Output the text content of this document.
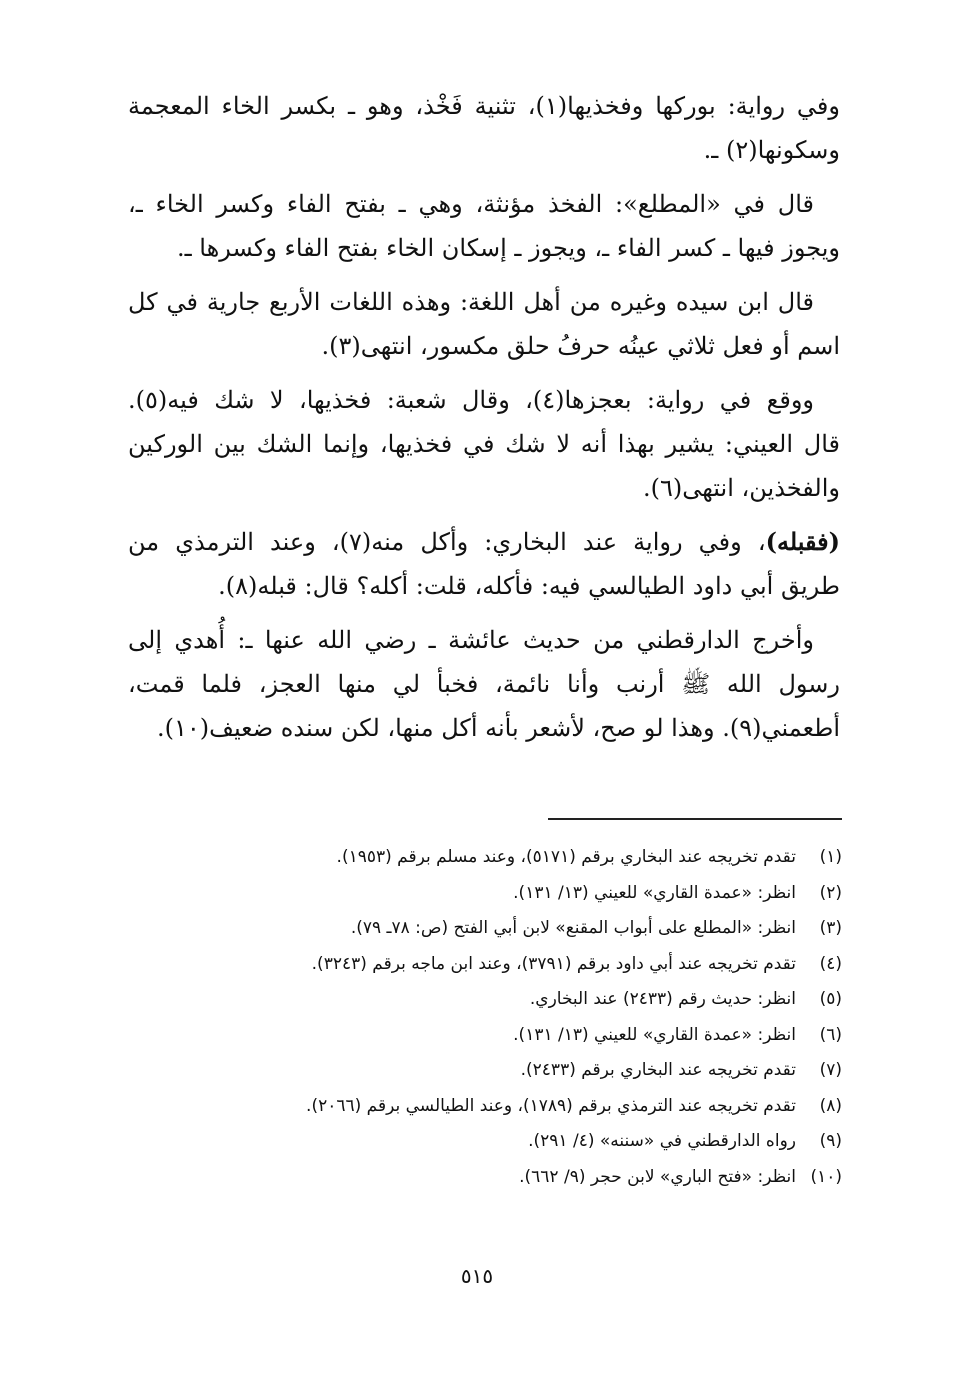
وفي رواية: بوركها وفخذيها(١)، تثنية فَخْذ، وهو ـ بكسر الخاء المعجمة
وسكونها(٢) ـ.

قال في «المطلع»: الفخذ مؤنثة، وهي ـ بفتح الفاء وكسر الخاء ـ،
ويجوز فيها ـ كسر الفاء ـ، ويجوز ـ إسكان الخاء بفتح الفاء وكسرها ـ.

قال ابن سيده وغيره من أهل اللغة: وهذه اللغات الأربع جارية في كل
اسم أو فعل ثلاثي عينُه حرفُ حلق مكسور، انتهى(٣).

ووقع في رواية: بعجزها(٤)، وقال شعبة: فخذيها، لا شك فيه(٥).
قال العيني: يشير بهذا أنه لا شك في فخذيها، وإنما الشك بين الوركين
والفخذين، انتهى(٦).

(فقبله)، وفي رواية عند البخاري: وأكل منه(٧)، وعند الترمذي من
طريق أبي داود الطيالسي فيه: فأكله، قلت: أكله؟ قال: قبله(٨).

وأخرج الدارقطني من حديث عائشة ـ رضي الله عنها ـ: أُهدي إلى
رسول الله ﷺ أرنب وأنا نائمة، فخبأ لي منها العجز، فلما قمت،
أطعمني(٩). وهذا لو صح، لأشعر بأنه أكل منها، لكن سنده ضعيف(١٠).

(١)تقدم تخريجه عند البخاري برقم (٥١٧١)، وعند مسلم برقم (١٩٥٣).
(٢)انظر: «عمدة القاري» للعيني (١٣/ ١٣١).
(٣)انظر: «المطلع على أبواب المقنع» لابن أبي الفتح (ص: ٧٨ـ ٧٩).
(٤)تقدم تخريجه عند أبي داود برقم (٣٧٩١)، وعند ابن ماجه برقم (٣٢٤٣).
(٥)انظر: حديث رقم (٢٤٣٣) عند البخاري.
(٦)انظر: «عمدة القاري» للعيني (١٣/ ١٣١).
(٧)تقدم تخريجه عند البخاري برقم (٢٤٣٣).
(٨)تقدم تخريجه عند الترمذي برقم (١٧٨٩)، وعند الطيالسي برقم (٢٠٦٦).
(٩)رواه الدارقطني في «سننه» (٤/ ٢٩١).
(١٠)انظر: «فتح الباري» لابن حجر (٩/ ٦٦٢).
٥١٥
